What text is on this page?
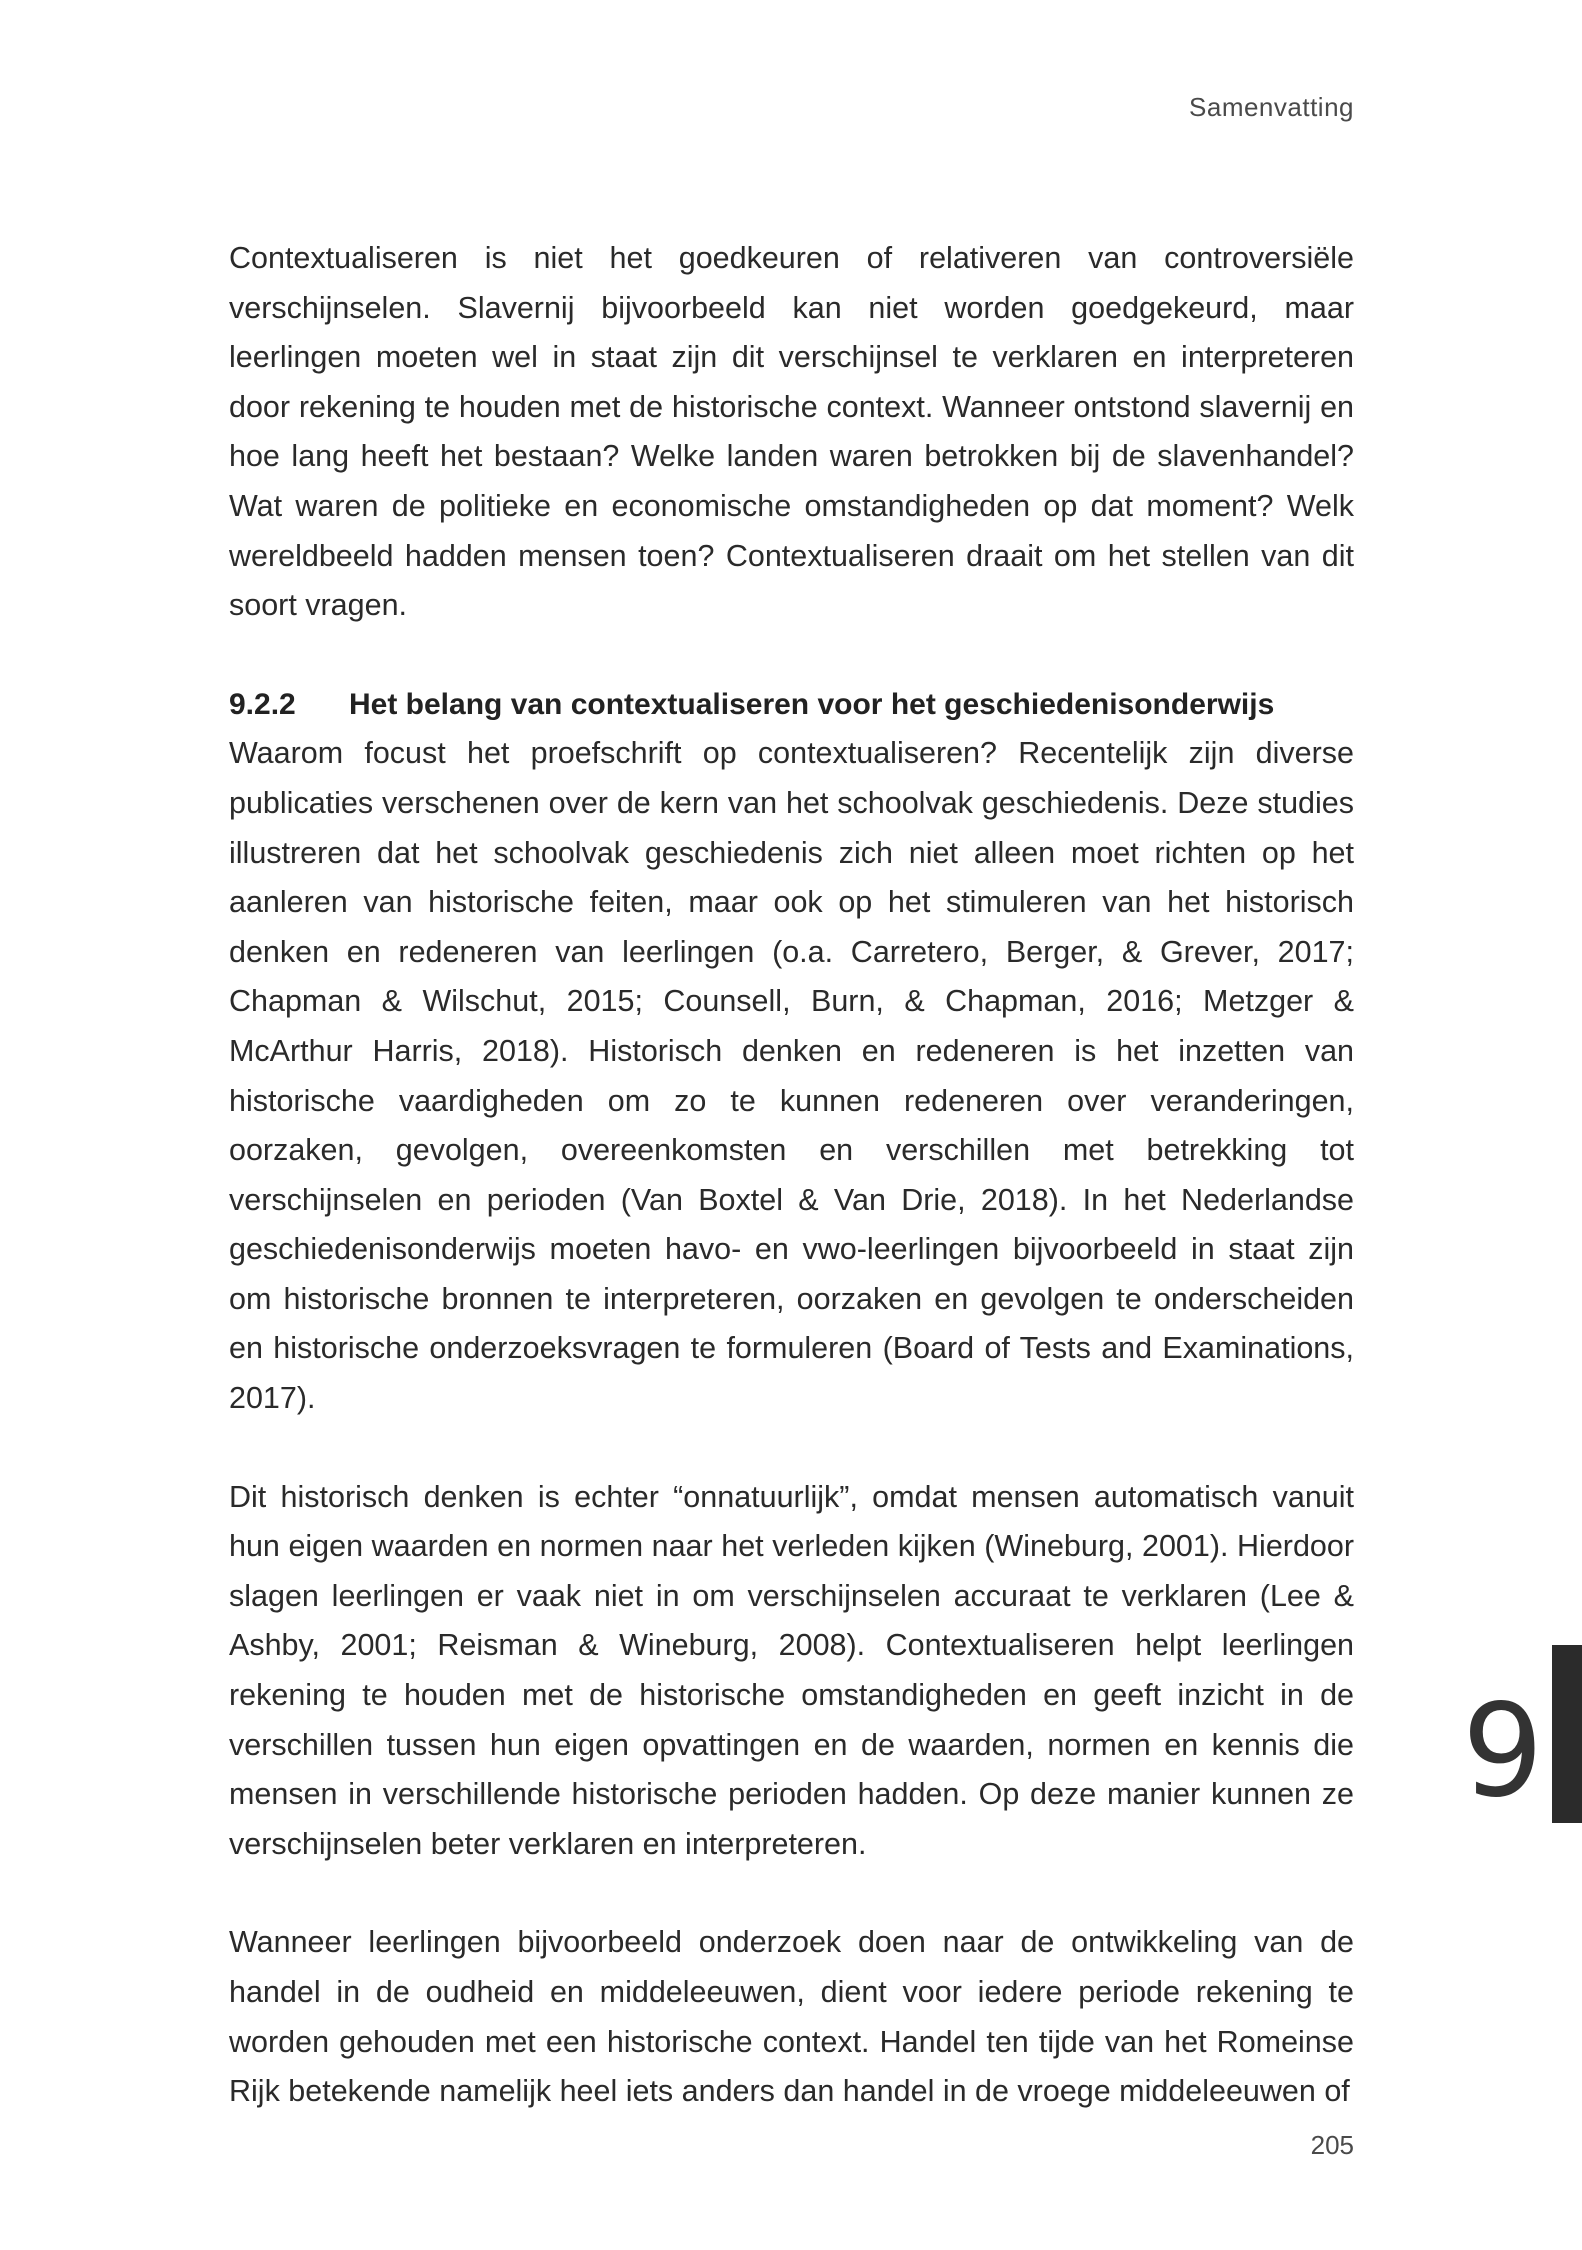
Samenvatting

Contextualiseren is niet het goedkeuren of relativeren van controversiële verschijnselen. Slavernij bijvoorbeeld kan niet worden goedgekeurd, maar leerlingen moeten wel in staat zijn dit verschijnsel te verklaren en interpreteren door rekening te houden met de historische context. Wanneer ontstond slavernij en hoe lang heeft het bestaan? Welke landen waren betrokken bij de slavenhandel? Wat waren de politieke en economische omstandigheden op dat moment? Welk wereldbeeld hadden mensen toen? Contextualiseren draait om het stellen van dit soort vragen.

9.2.2	Het belang van contextualiseren voor het geschiedenisonderwijs

Waarom focust het proefschrift op contextualiseren? Recentelijk zijn diverse publicaties verschenen over de kern van het schoolvak geschiedenis. Deze studies illustreren dat het schoolvak geschiedenis zich niet alleen moet richten op het aanleren van historische feiten, maar ook op het stimuleren van het historisch denken en redeneren van leerlingen (o.a. Carretero, Berger, & Grever, 2017; Chapman & Wilschut, 2015; Counsell, Burn, & Chapman, 2016; Metzger & McArthur Harris, 2018). Historisch denken en redeneren is het inzetten van historische vaardigheden om zo te kunnen redeneren over veranderingen, oorzaken, gevolgen, overeenkomsten en verschillen met betrekking tot verschijnselen en perioden (Van Boxtel & Van Drie, 2018). In het Nederlandse geschiedenisonderwijs moeten havo- en vwo-leerlingen bijvoorbeeld in staat zijn om historische bronnen te interpreteren, oorzaken en gevolgen te onderscheiden en historische onderzoeksvragen te formuleren (Board of Tests and Examinations, 2017).

Dit historisch denken is echter “onnatuurlijk”, omdat mensen automatisch vanuit hun eigen waarden en normen naar het verleden kijken (Wineburg, 2001). Hierdoor slagen leerlingen er vaak niet in om verschijnselen accuraat te verklaren (Lee & Ashby, 2001; Reisman & Wineburg, 2008). Contextualiseren helpt leerlingen rekening te houden met de historische omstandigheden en geeft inzicht in de verschillen tussen hun eigen opvattingen en de waarden, normen en kennis die mensen in verschillende historische perioden hadden. Op deze manier kunnen ze verschijnselen beter verklaren en interpreteren.

Wanneer leerlingen bijvoorbeeld onderzoek doen naar de ontwikkeling van de handel in de oudheid en middeleeuwen, dient voor iedere periode rekening te worden gehouden met een historische context. Handel ten tijde van het Romeinse Rijk betekende namelijk heel iets anders dan handel in de vroege middeleeuwen of

9
205
